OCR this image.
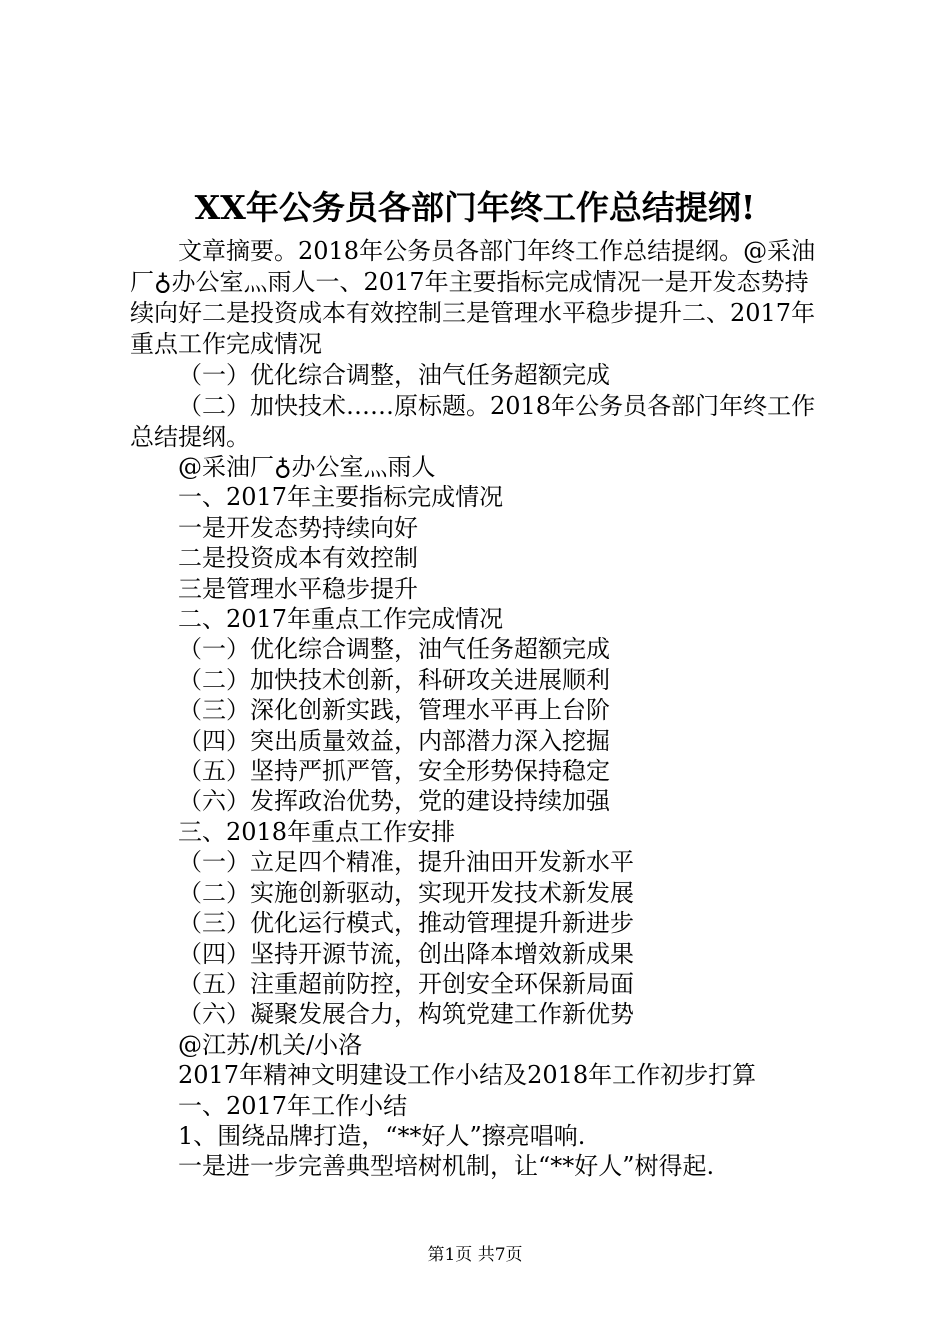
XX年公务员各部门年终工作总结提纲!

文章摘要。2018年公务员各部门年终工作总结提纲。@采油厂♁办公室灬雨人一、2017年主要指标完成情况一是开发态势持续向好二是投资成本有效控制三是管理水平稳步提升二、2017年重点工作完成情况

（一）优化综合调整，油气任务超额完成

（二）加快技术……原标题。2018年公务员各部门年终工作总结提纲。

@采油厂♁办公室灬雨人
一、2017年主要指标完成情况
一是开发态势持续向好
二是投资成本有效控制
三是管理水平稳步提升
二、2017年重点工作完成情况
（一）优化综合调整，油气任务超额完成
（二）加快技术创新，科研攻关进展顺利
（三）深化创新实践，管理水平再上台阶
（四）突出质量效益，内部潜力深入挖掘
（五）坚持严抓严管，安全形势保持稳定
（六）发挥政治优势，党的建设持续加强
三、2018年重点工作安排
（一）立足四个精准，提升油田开发新水平
（二）实施创新驱动，实现开发技术新发展
（三）优化运行模式，推动管理提升新进步
（四）坚持开源节流，创出降本增效新成果
（五）注重超前防控，开创安全环保新局面
（六）凝聚发展合力，构筑党建工作新优势
@江苏/机关/小洛
2017年精神文明建设工作小结及2018年工作初步打算
一、2017年工作小结
1、围绕品牌打造，“**好人”擦亮唱响.
一是进一步完善典型培树机制，让“**好人”树得起.
第1页 共7页
